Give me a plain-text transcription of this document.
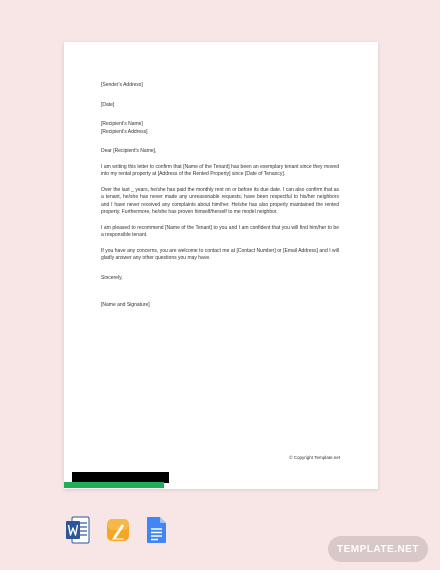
[Sender's Address]

[Date]

[Recipient's Name]

[Recipient's Address]

Dear [Recipient's Name],

I am writing this letter to confirm that [Name of the Tenant] has been an exemplary tenant since they moved into my rental property at [Address of the Rented Property] since [Date of Tenancy].

Over the last _ years, he/she has paid the monthly rent on or before its due date. I can also confirm that as a tenant, he/she has never made any unreasonable requests, have been respectful to his/her neighbors and I have never received any complaints about him/her. He/she has also properly maintained the rented property. Furthermore, he/she has proven himself/herself to me model neighbor.

I am pleased to recommend [Name of the Tenant] to you and I am confident that you will find him/her to be a responsible tenant.

If you have any concerns, you are welcome to contact me at [Contact Number] or [Email Address] and I will gladly answer any other questions you may have.

Sincerely,

[Name and Signature]

© Copyright Template.net
TEMPLATE.NET
